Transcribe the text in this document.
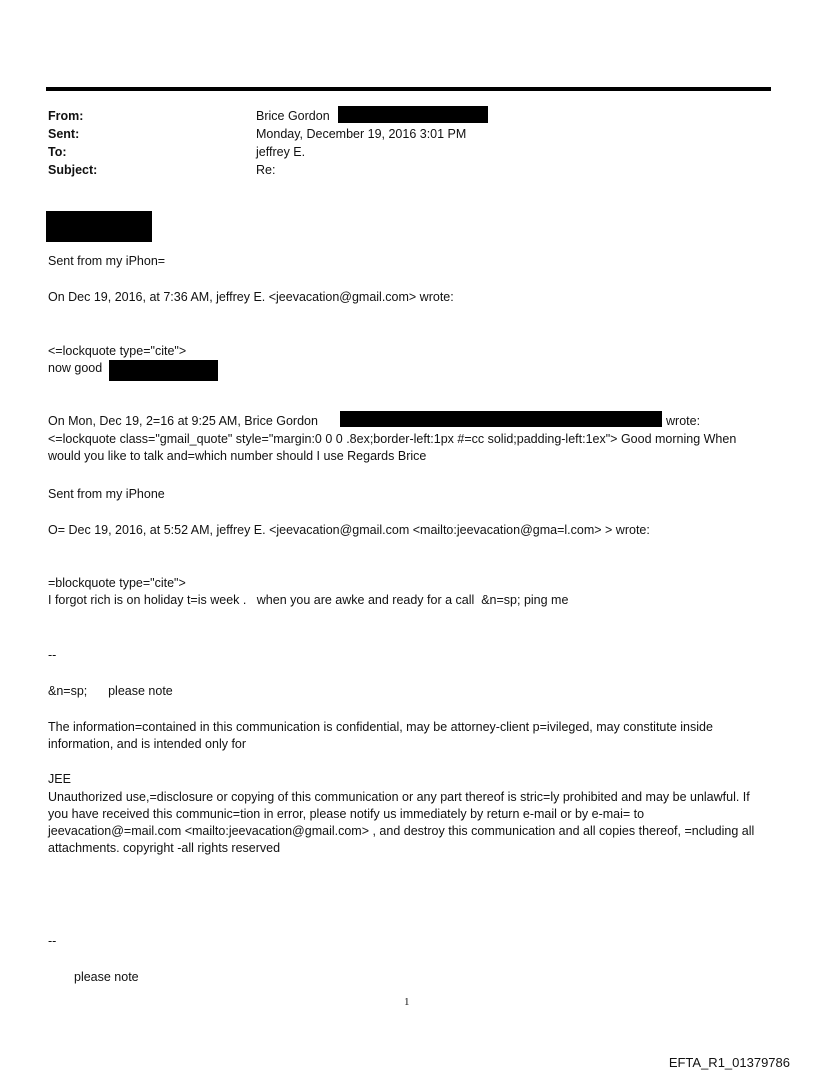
From:	Brice Gordon
Sent:	Monday, December 19, 2016 3:01 PM
To:	jeffrey E.
Subject:	Re:
Sent from my iPhon=
On Dec 19, 2016, at 7:36 AM, jeffrey E. <jeevacation@gmail.com> wrote:
<=lockquote type="cite">
now good
On Mon, Dec 19, 2=16 at 9:25 AM, Brice Gordon	wrote:
<=lockquote class="gmail_quote" style="margin:0 0 0 .8ex;border-left:1px #=cc solid;padding-left:1ex"> Good morning When would you like to talk and=which number should I use Regards Brice
Sent from my iPhone
O= Dec 19, 2016, at 5:52 AM, jeffrey E. <jeevacation@gmail.com <mailto:jeevacation@gma=l.com> > wrote:
=blockquote type="cite">
I forgot rich is on holiday t=is week .   when you are awke and ready for a call  &n=sp; ping me
--
&n=sp;      please note
The information=contained in this communication is confidential, may be attorney-client p=ivileged, may constitute inside information, and is intended only for
JEE
Unauthorized use,=disclosure or copying of this communication or any part thereof is stric=ly prohibited and may be unlawful. If you have received this communic=tion in error, please notify us immediately by return e-mail or by e-mai= to jeevacation@=mail.com <mailto:jeevacation@gmail.com> , and destroy this communication and all copies thereof, =ncluding all attachments. copyright -all rights reserved
--
please note
1
EFTA_R1_01379786
